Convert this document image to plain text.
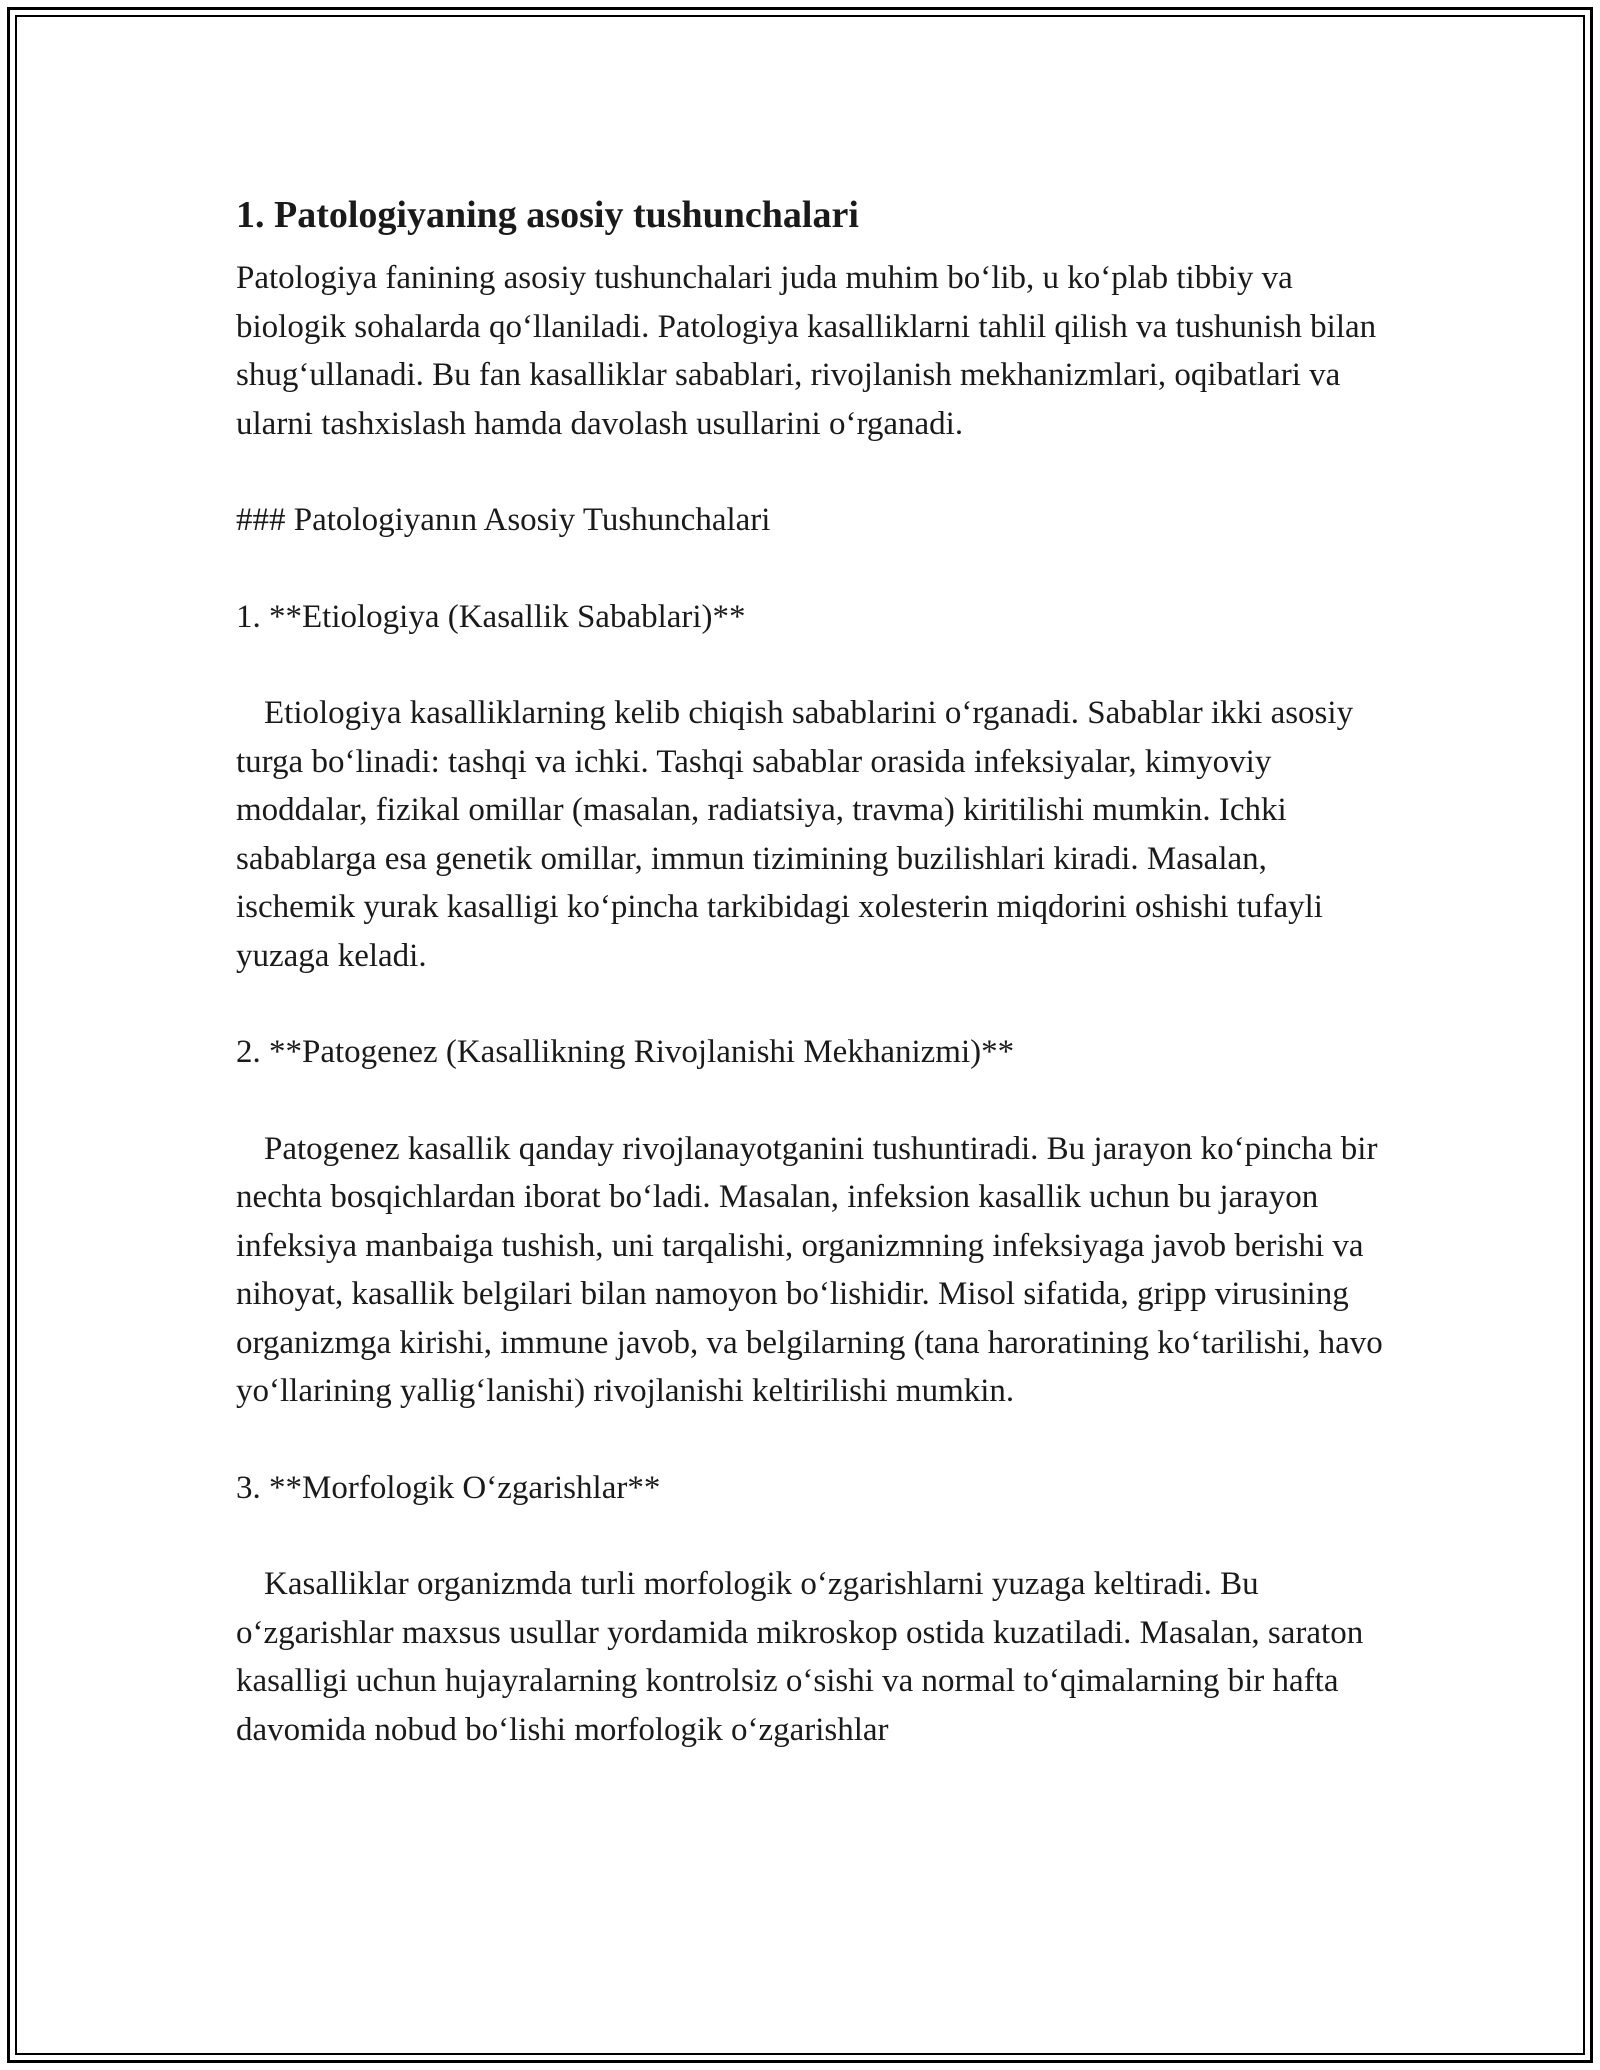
1. Patologiyaning asosiy tushunchalari

Patologiya fanining asosiy tushunchalari juda muhim bo‘lib, u ko‘plab tibbiy va biologik sohalarda qo‘llaniladi. Patologiya kasalliklarni tahlil qilish va tushunish bilan shug‘ullanadi. Bu fan kasalliklar sabablari, rivojlanish mekhanizmlari, oqibatlari va ularni tashxislash hamda davolash usullarini o‘rganadi.

### Patologiyanın Asosiy Tushunchalari

1. **Etiologiya (Kasallik Sabablari)**

Etiologiya kasalliklarning kelib chiqish sabablarini o‘rganadi. Sabablar ikki asosiy turga bo‘linadi: tashqi va ichki. Tashqi sabablar orasida infeksiyalar, kimyoviy moddalar, fizikal omillar (masalan, radiatsiya, travma) kiritilishi mumkin. Ichki sabablarga esa genetik omillar, immun tizimining buzilishlari kiradi. Masalan, ischemik yurak kasalligi ko‘pincha tarkibidagi xolesterin miqdorini oshishi tufayli yuzaga keladi.

2. **Patogenez (Kasallikning Rivojlanishi Mekhanizmi)**

Patogenez kasallik qanday rivojlanayotganini tushuntiradi. Bu jarayon ko‘pincha bir nechta bosqichlardan iborat bo‘ladi. Masalan, infeksion kasallik uchun bu jarayon infeksiya manbaiga tushish, uni tarqalishi, organizmning infeksiyaga javob berishi va nihoyat, kasallik belgilari bilan namoyon bo‘lishidir. Misol sifatida, gripp virusining organizmga kirishi, immune javob, va belgilarning (tana haroratining ko‘tarilishi, havo yo‘llarining yallig‘lanishi) rivojlanishi keltirilishi mumkin.

3. **Morfologik O‘zgarishlar**

Kasalliklar organizmda turli morfologik o‘zgarishlarni yuzaga keltiradi. Bu o‘zgarishlar maxsus usullar yordamida mikroskop ostida kuzatiladi. Masalan, saraton kasalligi uchun hujayralarning kontrolsiz o‘sishi va normal to‘qimalarning bir hafta davomida nobud bo‘lishi morfologik o‘zgarishlar
